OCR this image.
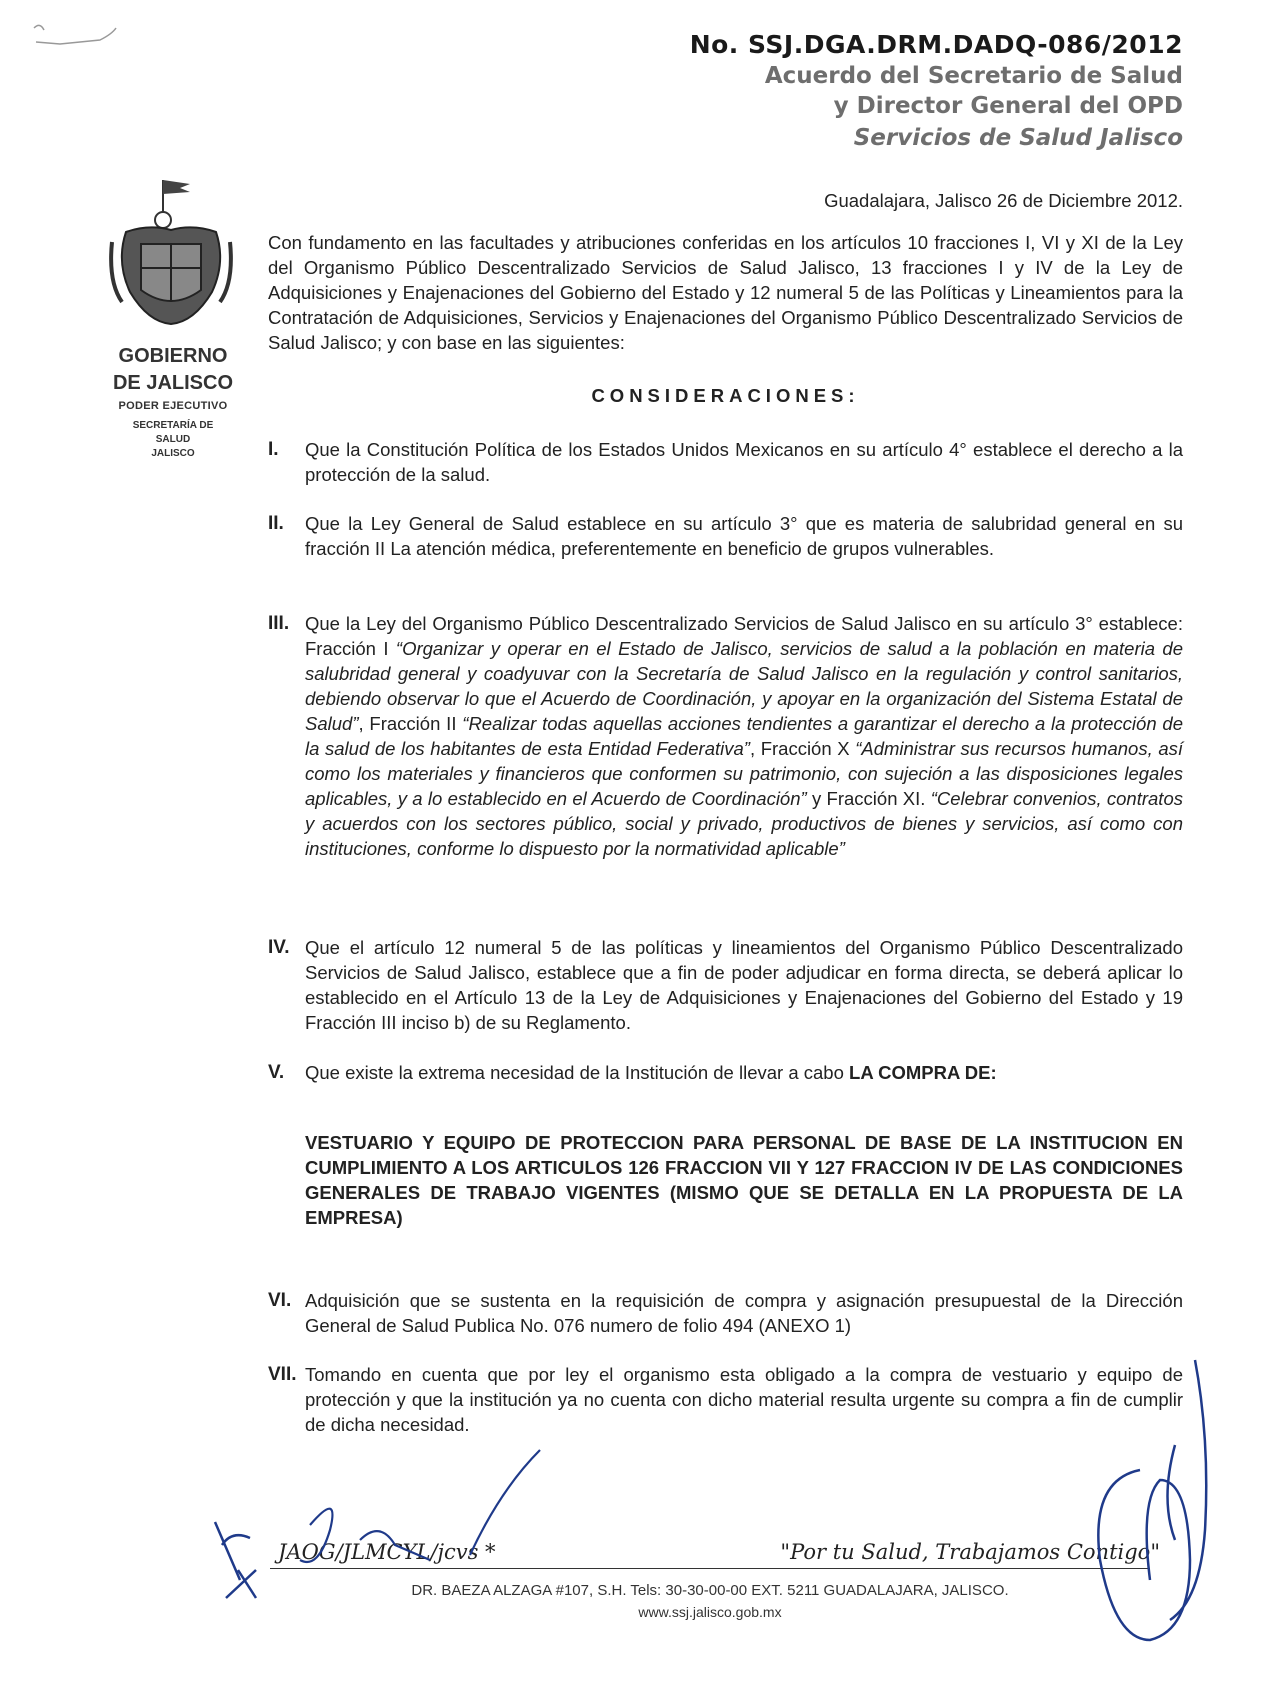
No. SSJ.DGA.DRM.DADQ-086/2012
Acuerdo del Secretario de Salud
y Director General del OPD
Servicios de Salud Jalisco
Guadalajara, Jalisco 26 de Diciembre 2012.
GOBIERNO
DE JALISCO
PODER EJECUTIVO
SECRETARÍA DE
SALUD
JALISCO
Con fundamento en las facultades y atribuciones conferidas en los artículos 10 fracciones I, VI y XI de la Ley del Organismo Público Descentralizado Servicios de Salud Jalisco, 13 fracciones I y IV de la Ley de Adquisiciones y Enajenaciones del Gobierno del Estado y 12 numeral 5 de las Políticas y Lineamientos para la Contratación de Adquisiciones, Servicios y Enajenaciones del Organismo Público Descentralizado Servicios de Salud Jalisco; y con base en las siguientes:
CONSIDERACIONES:
I. Que la Constitución Política de los Estados Unidos Mexicanos en su artículo 4° establece el derecho a la protección de la salud.
II. Que la Ley General de Salud establece en su artículo 3° que es materia de salubridad general en su fracción II La atención médica, preferentemente en beneficio de grupos vulnerables.
III. Que la Ley del Organismo Público Descentralizado Servicios de Salud Jalisco en su artículo 3° establece: Fracción I “Organizar y operar en el Estado de Jalisco, servicios de salud a la población en materia de salubridad general y coadyuvar con la Secretaría de Salud Jalisco en la regulación y control sanitarios, debiendo observar lo que el Acuerdo de Coordinación, y apoyar en la organización del Sistema Estatal de Salud”, Fracción II “Realizar todas aquellas acciones tendientes a garantizar el derecho a la protección de la salud de los habitantes de esta Entidad Federativa”, Fracción X “Administrar sus recursos humanos, así como los materiales y financieros que conformen su patrimonio, con sujeción a las disposiciones legales aplicables, y a lo establecido en el Acuerdo de Coordinación” y Fracción XI. “Celebrar convenios, contratos y acuerdos con los sectores público, social y privado, productivos de bienes y servicios, así como con instituciones, conforme lo dispuesto por la normatividad aplicable”
IV. Que el artículo 12 numeral 5 de las políticas y lineamientos del Organismo Público Descentralizado Servicios de Salud Jalisco, establece que a fin de poder adjudicar en forma directa, se deberá aplicar lo establecido en el Artículo 13 de la Ley de Adquisiciones y Enajenaciones del Gobierno del Estado y 19 Fracción III inciso b) de su Reglamento.
V. Que existe la extrema necesidad de la Institución de llevar a cabo LA COMPRA DE:
VESTUARIO Y EQUIPO DE PROTECCION PARA PERSONAL DE BASE DE LA INSTITUCION EN CUMPLIMIENTO A LOS ARTICULOS 126 FRACCION VII Y 127 FRACCION IV DE LAS CONDICIONES GENERALES DE TRABAJO VIGENTES (MISMO QUE SE DETALLA EN LA PROPUESTA DE LA EMPRESA)
VI. Adquisición que se sustenta en la requisición de compra y asignación presupuestal de la Dirección General de Salud Publica No. 076 numero de folio 494 (ANEXO 1)
VII. Tomando en cuenta que por ley el organismo esta obligado a la compra de vestuario y equipo de protección y que la institución ya no cuenta con dicho material resulta urgente su compra a fin de cumplir de dicha necesidad.
JAOG/JLMCYL/jcvs *	"Por tu Salud, Trabajamos Contigo"
DR. BAEZA ALZAGA #107, S.H. Tels: 30-30-00-00 EXT. 5211 GUADALAJARA, JALISCO.
www.ssj.jalisco.gob.mx
